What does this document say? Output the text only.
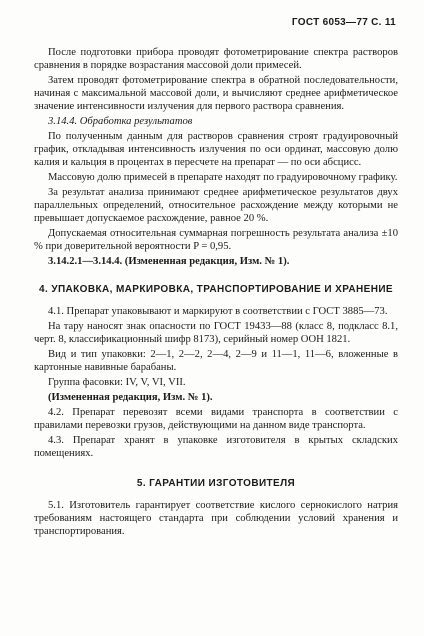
ГОСТ 6053—77 С. 11

После подготовки прибора проводят фотометрирование спектра растворов сравнения в порядке возрастания массовой доли примесей.

Затем проводят фотометрирование спектра в обратной последовательности, начиная с максимальной массовой доли, и вычисляют среднее арифметическое значение интенсивности излучения для первого раствора сравнения.

3.14.4. Обработка результатов

По полученным данным для растворов сравнения строят градуировочный график, откладывая интенсивность излучения по оси ординат, массовую долю калия и кальция в процентах в пересчете на препарат — по оси абсцисс.

Массовую долю примесей в препарате находят по градуировочному графику.

За результат анализа принимают среднее арифметическое результатов двух параллельных определений, относительное расхождение между которыми не превышает допускаемое расхождение, равное 20 %.

Допускаемая относительная суммарная погрешность результата анализа ±10 % при доверительной вероятности P = 0,95.

3.14.2.1—3.14.4. (Измененная редакция, Изм. № 1).

4. УПАКОВКА, МАРКИРОВКА, ТРАНСПОРТИРОВАНИЕ И ХРАНЕНИЕ

4.1. Препарат упаковывают и маркируют в соответствии с ГОСТ 3885—73.

На тару наносят знак опасности по ГОСТ 19433—88 (класс 8, подкласс 8.1, черт. 8, классификационный шифр 8173), серийный номер ООН 1821.

Вид и тип упаковки: 2—1, 2—2, 2—4, 2—9 и 11—1, 11—6, вложенные в картонные навивные барабаны.

Группа фасовки: IV, V, VI, VII.

(Измененная редакция, Изм. № 1).

4.2. Препарат перевозят всеми видами транспорта в соответствии с правилами перевозки грузов, действующими на данном виде транспорта.

4.3. Препарат хранят в упаковке изготовителя в крытых складских помещениях.

5. ГАРАНТИИ ИЗГОТОВИТЕЛЯ

5.1. Изготовитель гарантирует соответствие кислого сернокислого натрия требованиям настоящего стандарта при соблюдении условий хранения и транспортирования.
